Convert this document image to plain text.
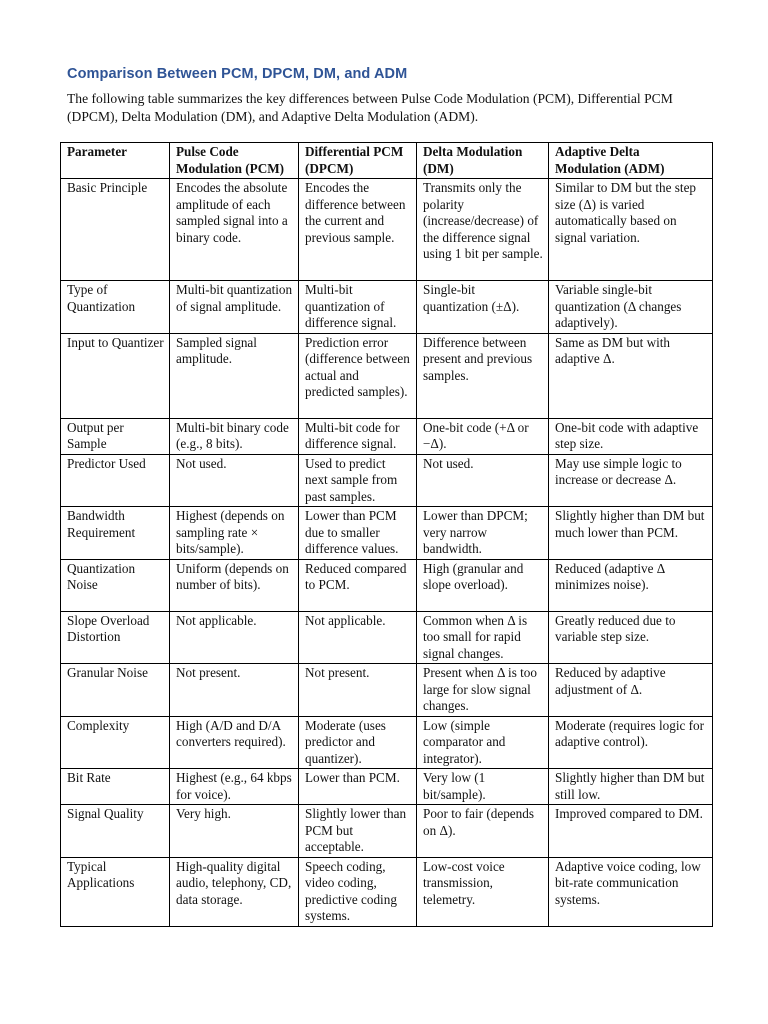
Comparison Between PCM, DPCM, DM, and ADM

The following table summarizes the key differences between Pulse Code Modulation (PCM), Differential PCM (DPCM), Delta Modulation (DM), and Adaptive Delta Modulation (ADM).

Parameter	Pulse Code Modulation (PCM)	Differential PCM (DPCM)	Delta Modulation (DM)	Adaptive Delta Modulation (ADM)
Basic Principle	Encodes the absolute amplitude of each sampled signal into a binary code.	Encodes the difference between the current and previous sample.	Transmits only the polarity (increase/decrease) of the difference signal using 1 bit per sample.	Similar to DM but the step size (Δ) is varied automatically based on signal variation.
Type of Quantization	Multi-bit quantization of signal amplitude.	Multi-bit quantization of difference signal.	Single-bit quantization (±Δ).	Variable single-bit quantization (Δ changes adaptively).
Input to Quantizer	Sampled signal amplitude.	Prediction error (difference between actual and predicted samples).	Difference between present and previous samples.	Same as DM but with adaptive Δ.
Output per Sample	Multi-bit binary code (e.g., 8 bits).	Multi-bit code for difference signal.	One-bit code (+Δ or −Δ).	One-bit code with adaptive step size.
Predictor Used	Not used.	Used to predict next sample from past samples.	Not used.	May use simple logic to increase or decrease Δ.
Bandwidth Requirement	Highest (depends on sampling rate × bits/sample).	Lower than PCM due to smaller difference values.	Lower than DPCM; very narrow bandwidth.	Slightly higher than DM but much lower than PCM.
Quantization Noise	Uniform (depends on number of bits).	Reduced compared to PCM.	High (granular and slope overload).	Reduced (adaptive Δ minimizes noise).
Slope Overload Distortion	Not applicable.	Not applicable.	Common when Δ is too small for rapid signal changes.	Greatly reduced due to variable step size.
Granular Noise	Not present.	Not present.	Present when Δ is too large for slow signal changes.	Reduced by adaptive adjustment of Δ.
Complexity	High (A/D and D/A converters required).	Moderate (uses predictor and quantizer).	Low (simple comparator and integrator).	Moderate (requires logic for adaptive control).
Bit Rate	Highest (e.g., 64 kbps for voice).	Lower than PCM.	Very low (1 bit/sample).	Slightly higher than DM but still low.
Signal Quality	Very high.	Slightly lower than PCM but acceptable.	Poor to fair (depends on Δ).	Improved compared to DM.
Typical Applications	High-quality digital audio, telephony, CD, data storage.	Speech coding, video coding, predictive coding systems.	Low-cost voice transmission, telemetry.	Adaptive voice coding, low bit-rate communication systems.
